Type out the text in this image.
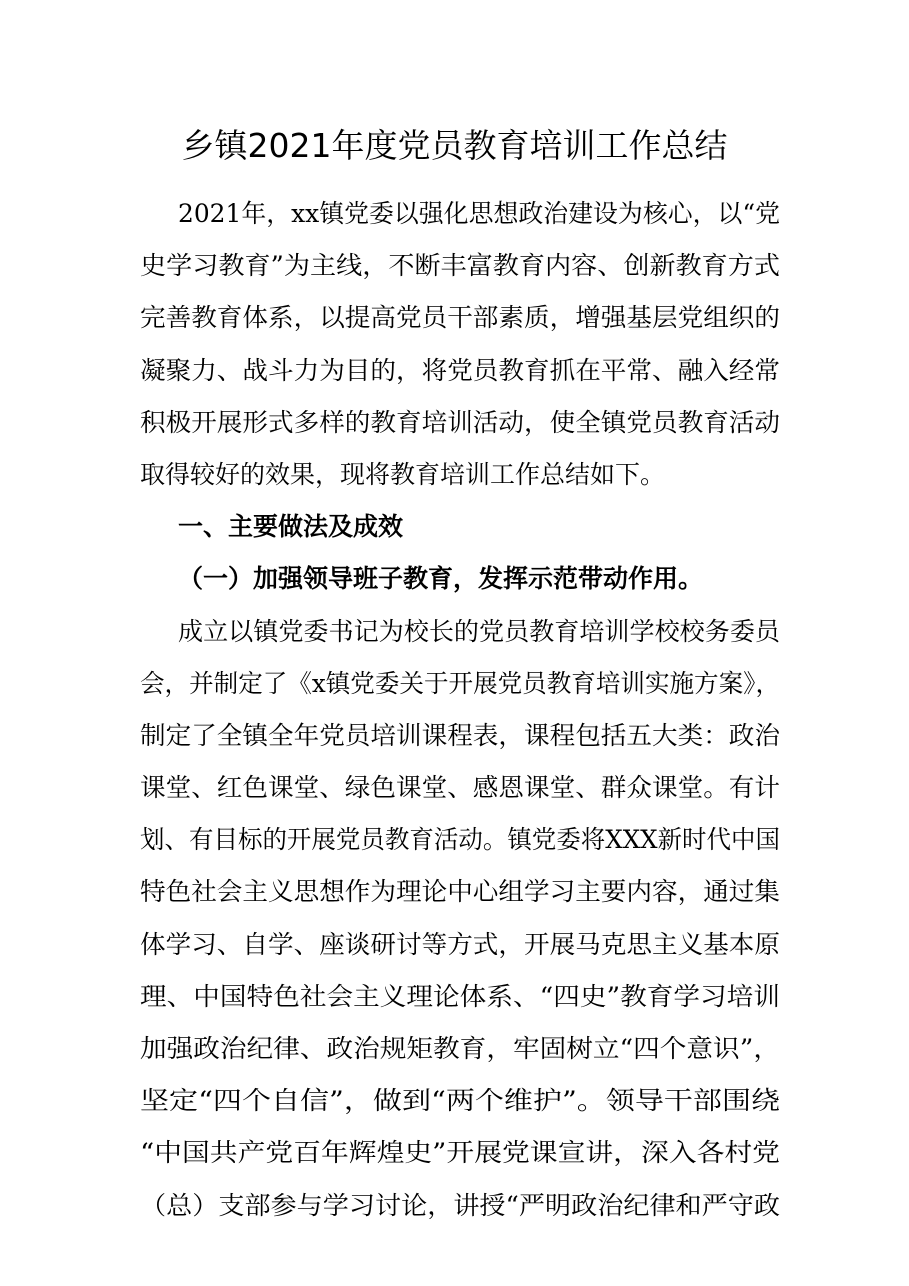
乡镇2021年度党员教育培训工作总结
2021年，xx镇党委以强化思想政治建设为核心，以“党
史学习教育”为主线，不断丰富教育内容、创新教育方式
完善教育体系，以提高党员干部素质，增强基层党组织的
凝聚力、战斗力为目的，将党员教育抓在平常、融入经常
积极开展形式多样的教育培训活动，使全镇党员教育活动
取得较好的效果，现将教育培训工作总结如下。
一、主要做法及成效
（一）加强领导班子教育，发挥示范带动作用。
成立以镇党委书记为校长的党员教育培训学校校务委员
会，并制定了《x镇党委关于开展党员教育培训实施方案》，
制定了全镇全年党员培训课程表，课程包括五大类：政治
课堂、红色课堂、绿色课堂、感恩课堂、群众课堂。有计
划、有目标的开展党员教育活动。镇党委将XXX新时代中国
特色社会主义思想作为理论中心组学习主要内容，通过集
体学习、自学、座谈研讨等方式，开展马克思主义基本原
理、中国特色社会主义理论体系、“四史”教育学习培训
加强政治纪律、政治规矩教育，牢固树立“四个意识”，
坚定“四个自信”，做到“两个维护”。领导干部围绕
“中国共产党百年辉煌史”开展党课宣讲，深入各村党
（总）支部参与学习讨论，讲授“严明政治纪律和严守政
